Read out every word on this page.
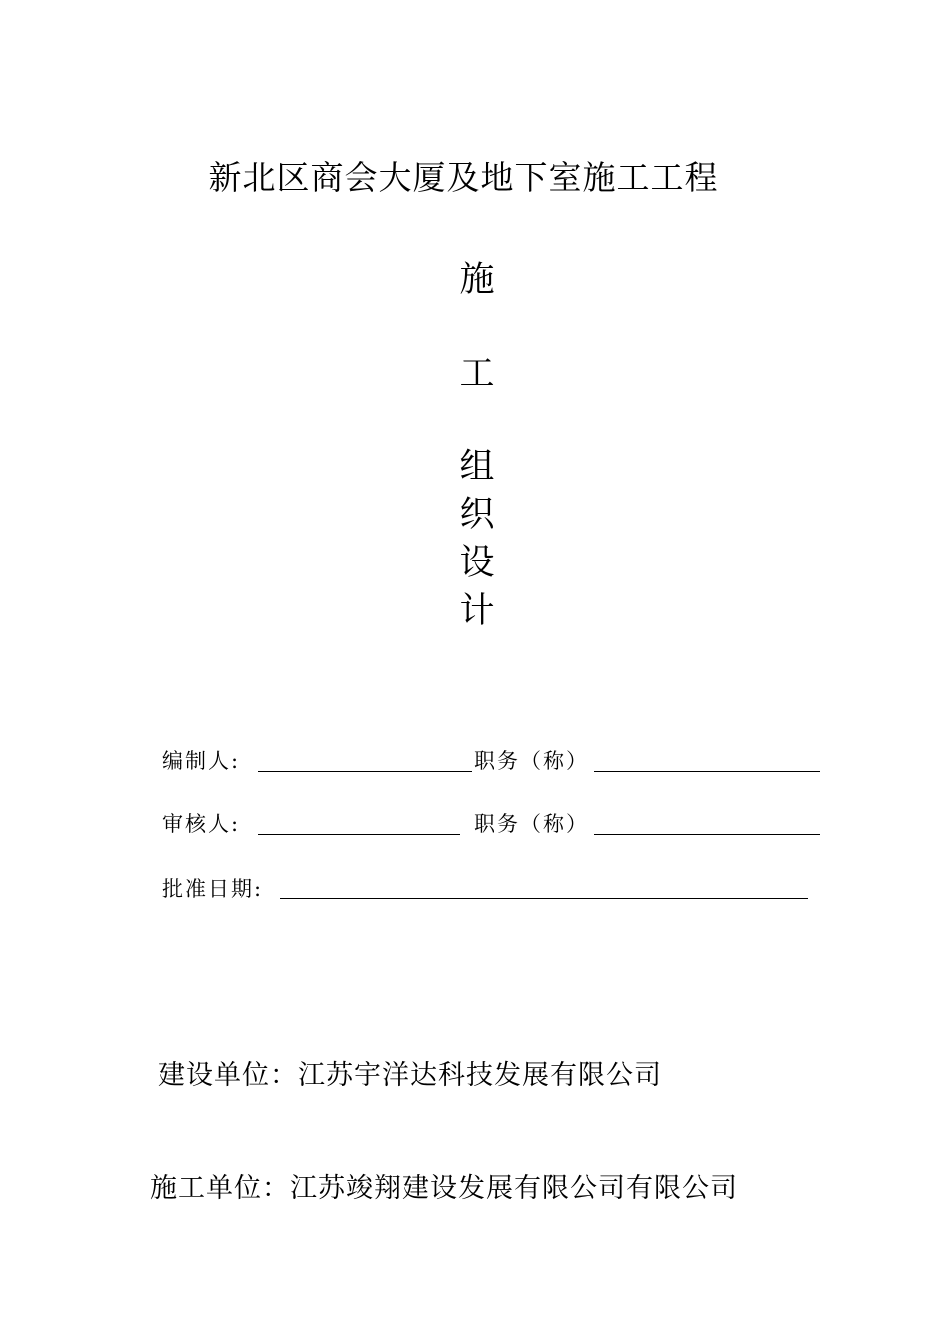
新北区商会大厦及地下室施工工程
施
工
组
织
设
计
编制人:	职务（称）
审核人:	职务（称）
批准日期:
建设单位：江苏宇洋达科技发展有限公司
施工单位：江苏竣翔建设发展有限公司有限公司
